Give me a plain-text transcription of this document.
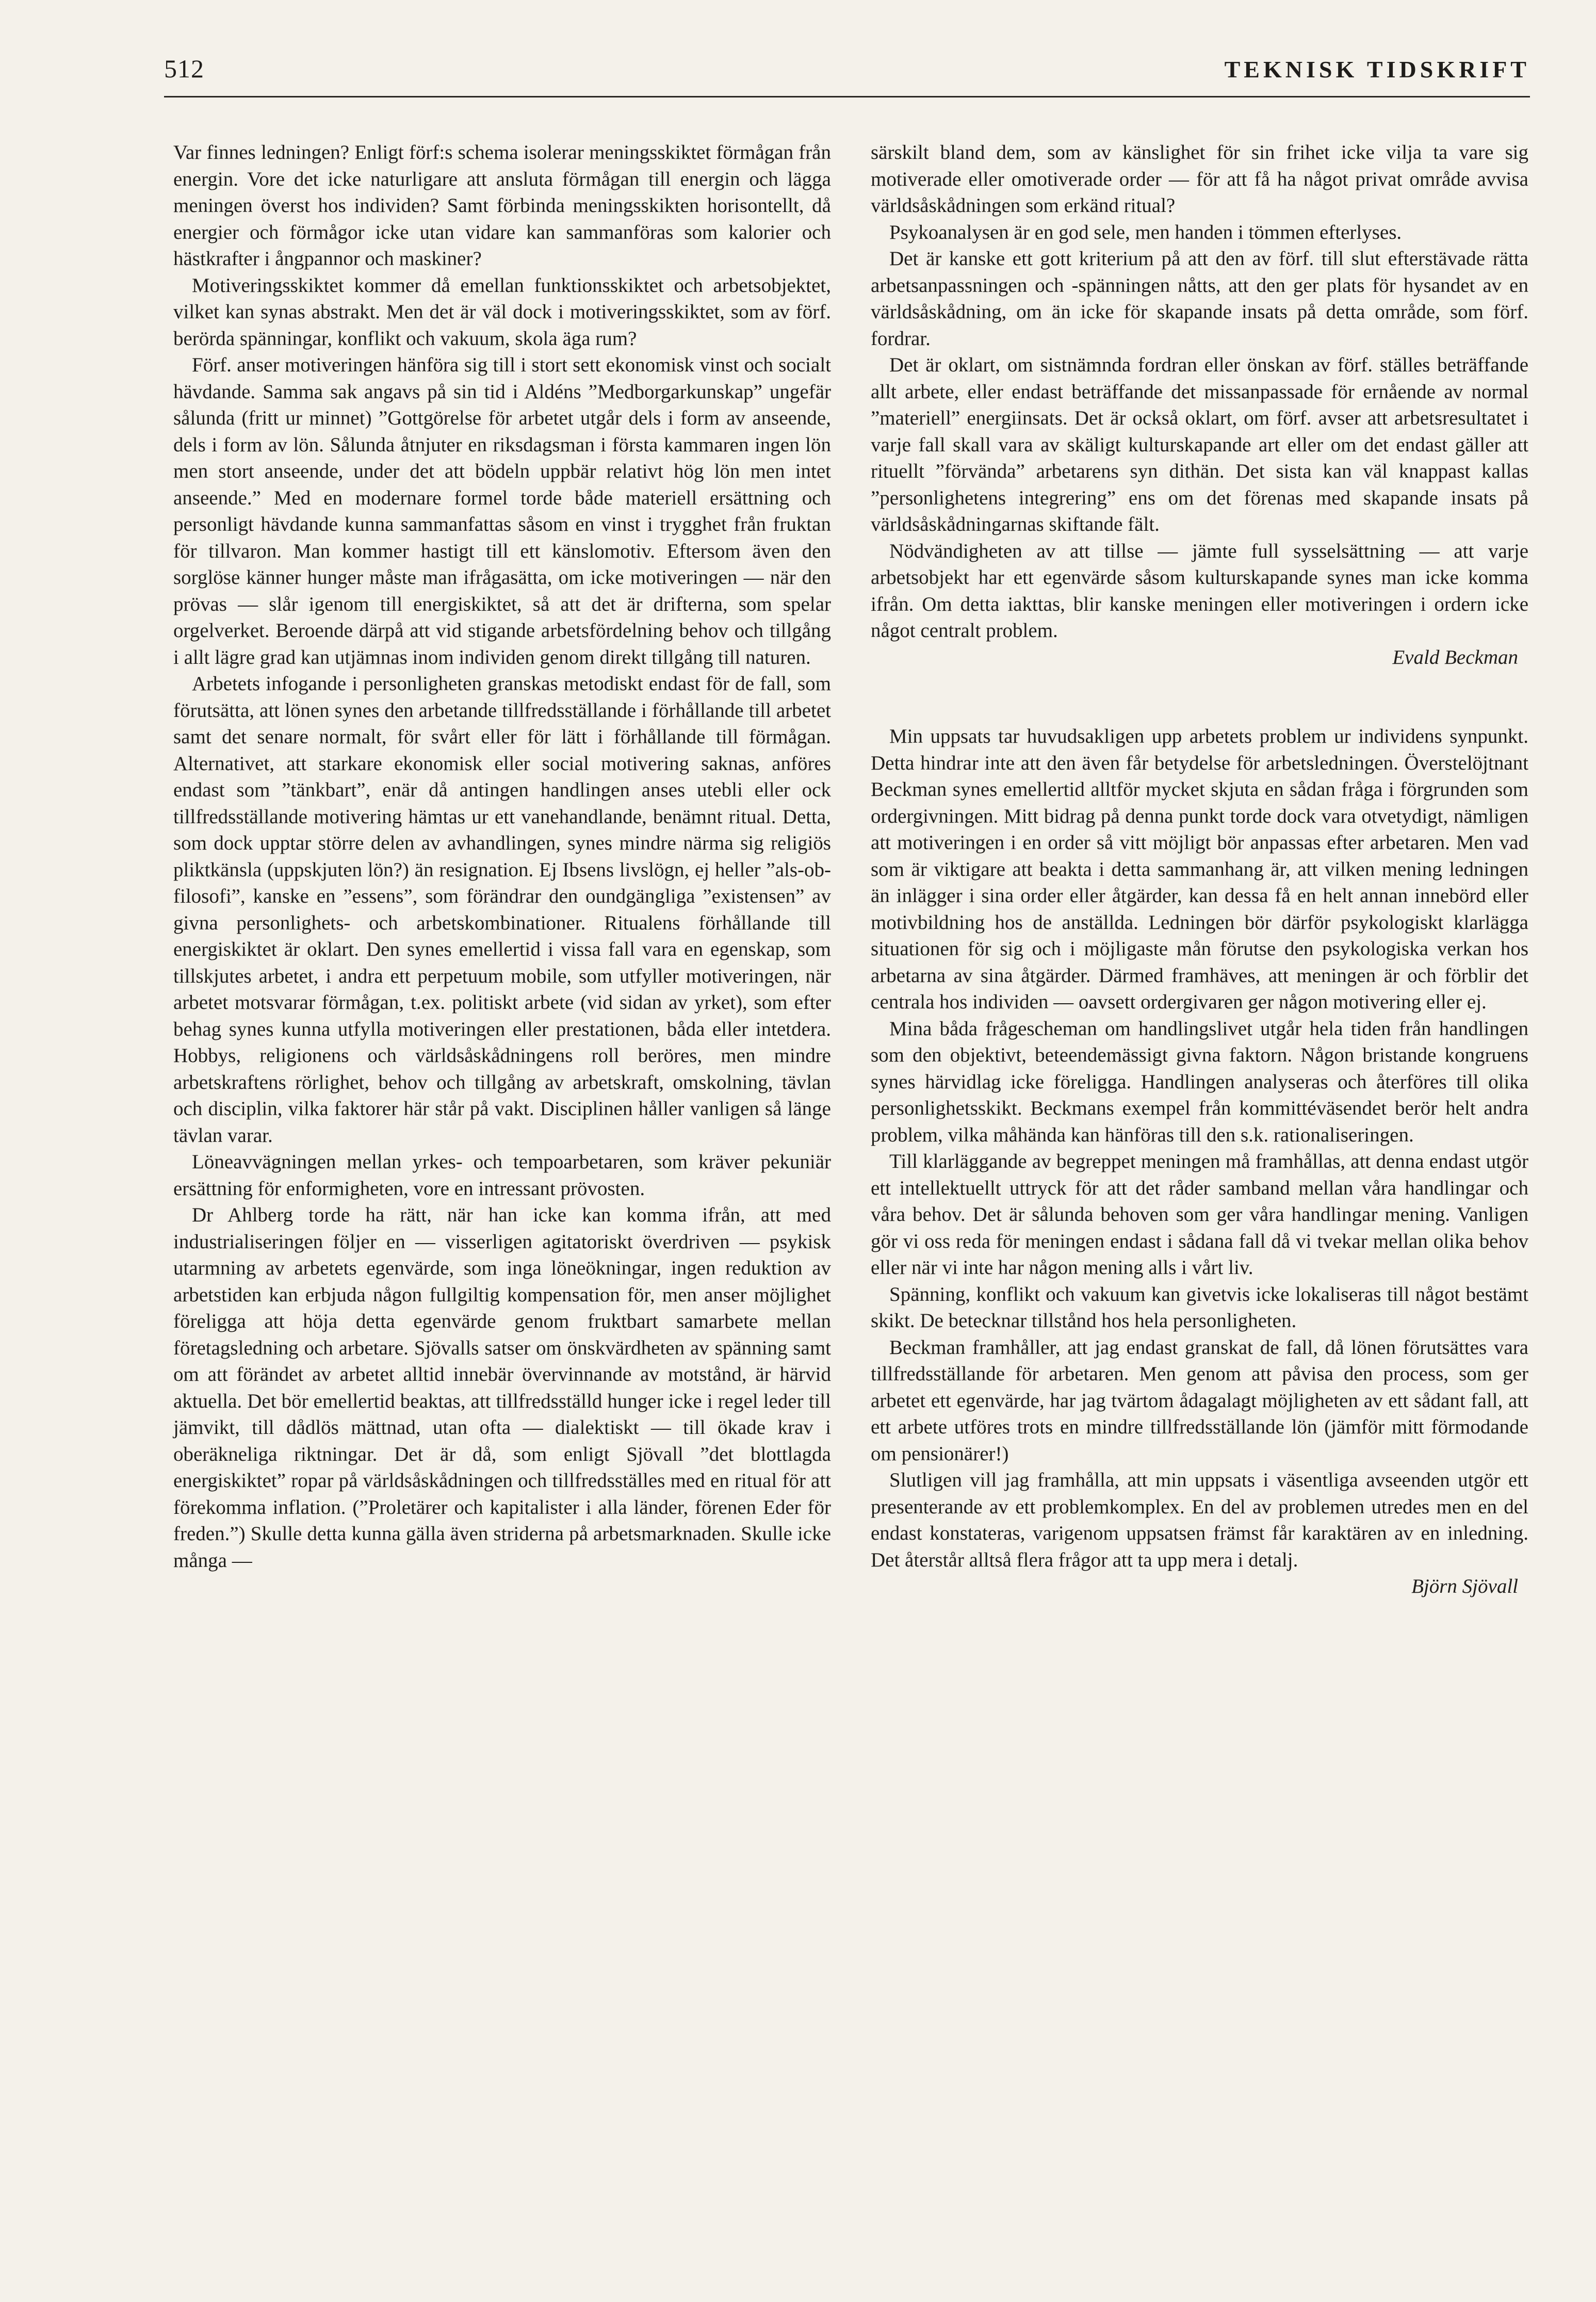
512	TEKNISK TIDSKRIFT

Var finnes ledningen? Enligt förf:s schema isolerar meningsskiktet förmågan från energin. Vore det icke naturligare att ansluta förmågan till energin och lägga meningen överst hos individen? Samt förbinda meningsskikten horisontellt, då energier och förmågor icke utan vidare kan sammanföras som kalorier och hästkrafter i ångpannor och maskiner?

Motiveringsskiktet kommer då emellan funktionsskiktet och arbetsobjektet, vilket kan synas abstrakt. Men det är väl dock i motiveringsskiktet, som av förf. berörda spänningar, konflikt och vakuum, skola äga rum?

Förf. anser motiveringen hänföra sig till i stort sett ekonomisk vinst och socialt hävdande. Samma sak angavs på sin tid i Aldéns ”Medborgarkunskap” ungefär sålunda (fritt ur minnet) ”Gottgörelse för arbetet utgår dels i form av anseende, dels i form av lön. Sålunda åtnjuter en riksdagsman i första kammaren ingen lön men stort anseende, under det att bödeln uppbär relativt hög lön men intet anseende.” Med en modernare formel torde både materiell ersättning och personligt hävdande kunna sammanfattas såsom en vinst i trygghet från fruktan för tillvaron. Man kommer hastigt till ett känslomotiv. Eftersom även den sorglöse känner hunger måste man ifrågasätta, om icke motiveringen — när den prövas — slår igenom till energiskiktet, så att det är drifterna, som spelar orgelverket. Beroende därpå att vid stigande arbetsfördelning behov och tillgång i allt lägre grad kan utjämnas inom individen genom direkt tillgång till naturen.

Arbetets infogande i personligheten granskas metodiskt endast för de fall, som förutsätta, att lönen synes den arbetande tillfredsställande i förhållande till arbetet samt det senare normalt, för svårt eller för lätt i förhållande till förmågan. Alternativet, att starkare ekonomisk eller social motivering saknas, anföres endast som ”tänkbart”, enär då antingen handlingen anses utebli eller ock tillfredsställande motivering hämtas ur ett vanehandlande, benämnt ritual. Detta, som dock upptar större delen av avhandlingen, synes mindre närma sig religiös pliktkänsla (uppskjuten lön?) än resignation. Ej Ibsens livslögn, ej heller ”als-ob-filosofi”, kanske en ”essens”, som förändrar den oundgängliga ”existensen” av givna personlighets- och arbetskombinationer. Ritualens förhållande till energiskiktet är oklart. Den synes emellertid i vissa fall vara en egenskap, som tillskjutes arbetet, i andra ett perpetuum mobile, som utfyller motiveringen, när arbetet motsvarar förmågan, t.ex. politiskt arbete (vid sidan av yrket), som efter behag synes kunna utfylla motiveringen eller prestationen, båda eller intetdera. Hobbys, religionens och världsåskådningens roll beröres, men mindre arbetskraftens rörlighet, behov och tillgång av arbetskraft, omskolning, tävlan och disciplin, vilka faktorer här står på vakt. Disciplinen håller vanligen så länge tävlan varar.

Löneavvägningen mellan yrkes- och tempoarbetaren, som kräver pekuniär ersättning för enformigheten, vore en intressant prövosten.

Dr Ahlberg torde ha rätt, när han icke kan komma ifrån, att med industrialiseringen följer en — visserligen agitatoriskt överdriven — psykisk utarmning av arbetets egenvärde, som inga löneökningar, ingen reduktion av arbetstiden kan erbjuda någon fullgiltig kompensation för, men anser möjlighet föreligga att höja detta egenvärde genom fruktbart samarbete mellan företagsledning och arbetare. Sjövalls satser om önskvärdheten av spänning samt om att förändet av arbetet alltid innebär övervinnande av motstånd, är härvid aktuella. Det bör emellertid beaktas, att tillfredsställd hunger icke i regel leder till jämvikt, till dådlös mättnad, utan ofta — dialektiskt — till ökade krav i oberäkneliga riktningar. Det är då, som enligt Sjövall ”det blottlagda energiskiktet” ropar på världsåskådningen och tillfredsställes med en ritual för att förekomma inflation. (”Proletärer och kapitalister i alla länder, förenen Eder för freden.”) Skulle detta kunna gälla även striderna på arbetsmarknaden. Skulle icke många —

särskilt bland dem, som av känslighet för sin frihet icke vilja ta vare sig motiverade eller omotiverade order — för att få ha något privat område avvisa världsåskådningen som erkänd ritual?

Psykoanalysen är en god sele, men handen i tömmen efterlyses.

Det är kanske ett gott kriterium på att den av förf. till slut efterstävade rätta arbetsanpassningen och -spänningen nåtts, att den ger plats för hysandet av en världsåskådning, om än icke för skapande insats på detta område, som förf. fordrar.

Det är oklart, om sistnämnda fordran eller önskan av förf. ställes beträffande allt arbete, eller endast beträffande det missanpassade för ernående av normal ”materiell” energiinsats. Det är också oklart, om förf. avser att arbetsresultatet i varje fall skall vara av skäligt kulturskapande art eller om det endast gäller att rituellt ”förvända” arbetarens syn dithän. Det sista kan väl knappast kallas ”personlighetens integrering” ens om det förenas med skapande insats på världsåskådningarnas skiftande fält.

Nödvändigheten av att tillse — jämte full sysselsättning — att varje arbetsobjekt har ett egenvärde såsom kulturskapande synes man icke komma ifrån. Om detta iakttas, blir kanske meningen eller motiveringen i ordern icke något centralt problem.

Evald Beckman

Min uppsats tar huvudsakligen upp arbetets problem ur individens synpunkt. Detta hindrar inte att den även får betydelse för arbetsledningen. Överstelöjtnant Beckman synes emellertid alltför mycket skjuta en sådan fråga i förgrunden som ordergivningen. Mitt bidrag på denna punkt torde dock vara otvetydigt, nämligen att motiveringen i en order så vitt möjligt bör anpassas efter arbetaren. Men vad som är viktigare att beakta i detta sammanhang är, att vilken mening ledningen än inlägger i sina order eller åtgärder, kan dessa få en helt annan innebörd eller motivbildning hos de anställda. Ledningen bör därför psykologiskt klarlägga situationen för sig och i möjligaste mån förutse den psykologiska verkan hos arbetarna av sina åtgärder. Därmed framhäves, att meningen är och förblir det centrala hos individen — oavsett ordergivaren ger någon motivering eller ej.

Mina båda frågescheman om handlingslivet utgår hela tiden från handlingen som den objektivt, beteendemässigt givna faktorn. Någon bristande kongruens synes härvidlag icke föreligga. Handlingen analyseras och återföres till olika personlighetsskikt. Beckmans exempel från kommittéväsendet berör helt andra problem, vilka måhända kan hänföras till den s.k. rationaliseringen.

Till klarläggande av begreppet meningen må framhållas, att denna endast utgör ett intellektuellt uttryck för att det råder samband mellan våra handlingar och våra behov. Det är sålunda behoven som ger våra handlingar mening. Vanligen gör vi oss reda för meningen endast i sådana fall då vi tvekar mellan olika behov eller när vi inte har någon mening alls i vårt liv.

Spänning, konflikt och vakuum kan givetvis icke lokaliseras till något bestämt skikt. De betecknar tillstånd hos hela personligheten.

Beckman framhåller, att jag endast granskat de fall, då lönen förutsättes vara tillfredsställande för arbetaren. Men genom att påvisa den process, som ger arbetet ett egenvärde, har jag tvärtom ådagalagt möjligheten av ett sådant fall, att ett arbete utföres trots en mindre tillfredsställande lön (jämför mitt förmodande om pensionärer!)

Slutligen vill jag framhålla, att min uppsats i väsentliga avseenden utgör ett presenterande av ett problemkomplex. En del av problemen utredes men en del endast konstateras, varigenom uppsatsen främst får karaktären av en inledning. Det återstår alltså flera frågor att ta upp mera i detalj.

Björn Sjövall
